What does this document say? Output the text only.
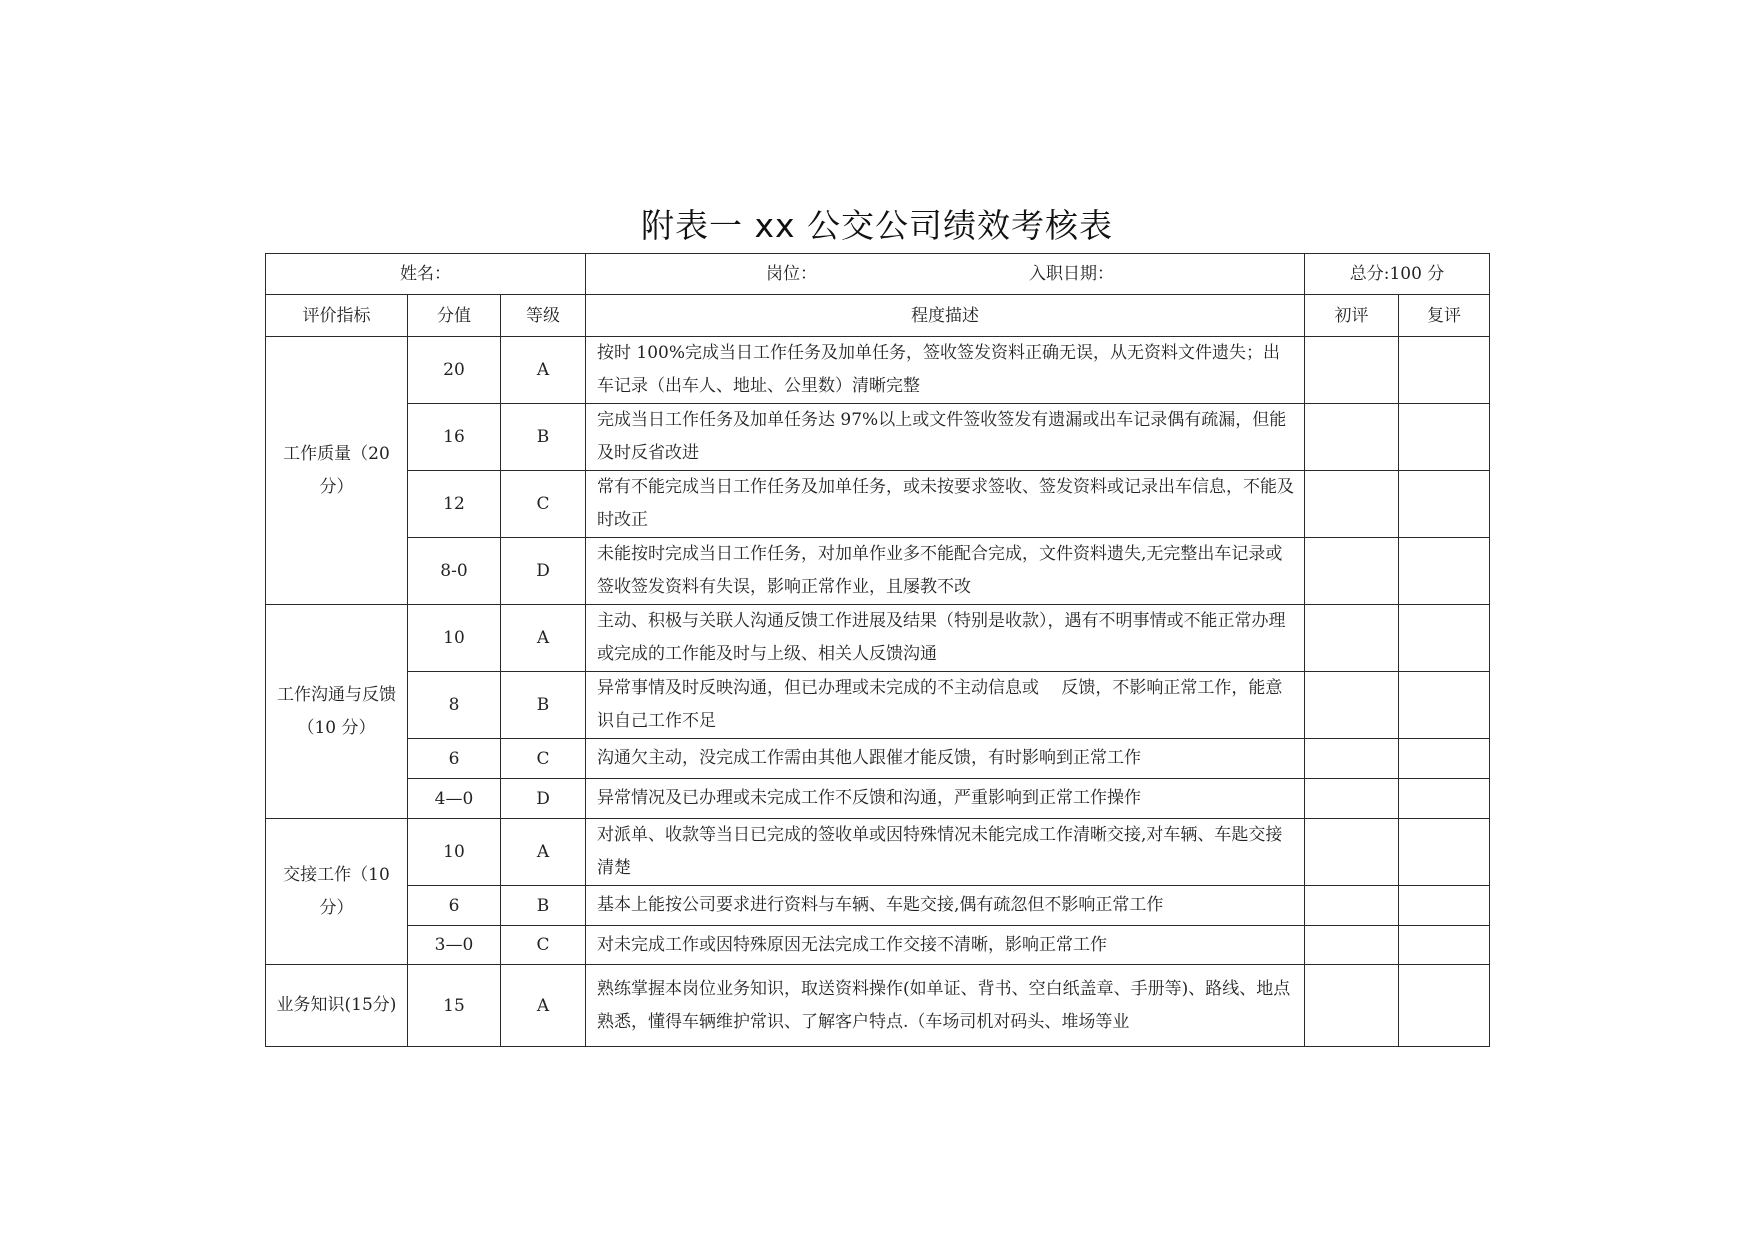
附表一 xx 公交公司绩效考核表
姓名：			岗位： 入职日期：	总分:100 分	
评价指标	分值	等级	程度描述	初评	复评
工作质量（20分）	20	A	按时 100%完成当日工作任务及加单任务，签收签发资料正确无误，从无资料文件遗失；出车记录（出车人、地址、公里数）清晰完整		
	16	B	完成当日工作任务及加单任务达 97%以上或文件签收签发有遗漏或出车记录偶有疏漏，但能及时反省改进		
	12	C	常有不能完成当日工作任务及加单任务，或未按要求签收、签发资料或记录出车信息，不能及时改正		
	8-0	D	未能按时完成当日工作任务，对加单作业多不能配合完成，文件资料遗失,无完整出车记录或签收签发资料有失误，影响正常作业，且屡教不改		
工作沟通与反馈（10 分）	10	A	主动、积极与关联人沟通反馈工作进展及结果（特别是收款），遇有不明事情或不能正常办理或完成的工作能及时与上级、相关人反馈沟通		
	8	B	异常事情及时反映沟通，但已办理或未完成的不主动信息或　 反馈，不影响正常工作，能意识自己工作不足		
	6	C	沟通欠主动，没完成工作需由其他人跟催才能反馈，有时影响到正常工作		
	4—0	D	异常情况及已办理或未完成工作不反馈和沟通，严重影响到正常工作操作		
交接工作（10 分）	10	A	对派单、收款等当日已完成的签收单或因特殊情况未能完成工作清晰交接,对车辆、车匙交接清楚		
	6	B	基本上能按公司要求进行资料与车辆、车匙交接,偶有疏忽但不影响正常工作		
	3—0	C	对未完成工作或因特殊原因无法完成工作交接不清晰，影响正常工作		
业务知识(15分)	15	A	熟练掌握本岗位业务知识，取送资料操作(如单证、背书、空白纸盖章、手册等)、路线、地点熟悉，懂得车辆维护常识、了解客户特点.（车场司机对码头、堆场等业		
